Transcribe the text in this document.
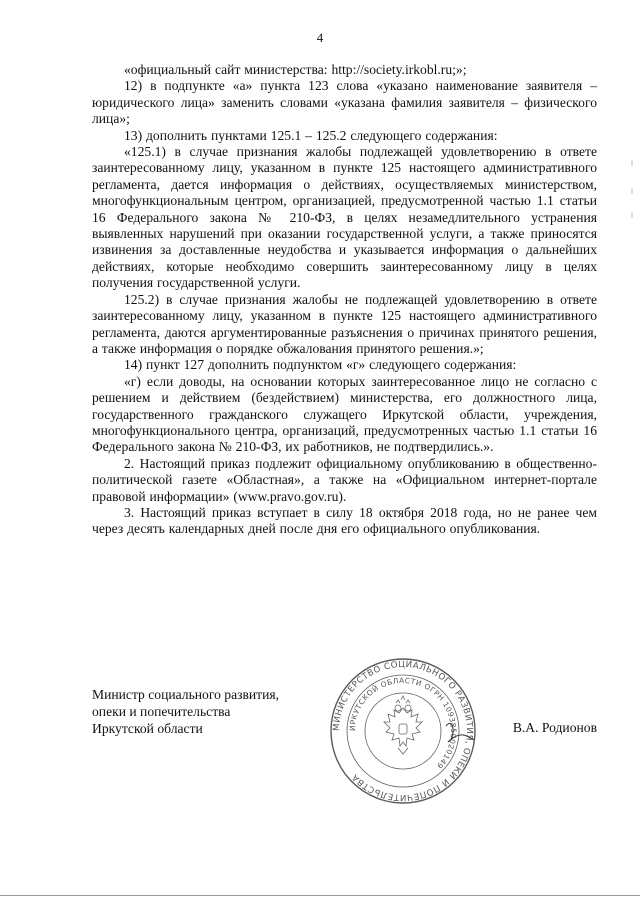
4

«официальный сайт министерства: http://society.irkobl.ru;»;

12) в подпункте «а» пункта 123 слова «указано наименование заявителя – юридического лица» заменить словами «указана фамилия заявителя – физического лица»;

13) дополнить пунктами 125.1 – 125.2 следующего содержания:

«125.1) в случае признания жалобы подлежащей удовлетворению в ответе заинтересованному лицу, указанном в пункте 125 настоящего административного регламента, дается информация о действиях, осуществляемых министерством, многофункциональным центром, организацией, предусмотренной частью 1.1 статьи 16 Федерального закона № 210-ФЗ, в целях незамедлительного устранения выявленных нарушений при оказании государственной услуги, а также приносятся извинения за доставленные неудобства и указывается информация о дальнейших действиях, которые необходимо совершить заинтересованному лицу в целях получения государственной услуги.

125.2) в случае признания жалобы не подлежащей удовлетворению в ответе заинтересованному лицу, указанном в пункте 125 настоящего административного регламента, даются аргументированные разъяснения о причинах принятого решения, а также информация о порядке обжалования принятого решения.»;

14) пункт 127 дополнить подпунктом «г» следующего содержания:

«г) если доводы, на основании которых заинтересованное лицо не согласно с решением и действием (бездействием) министерства, его должностного лица, государственного гражданского служащего Иркутской области, учреждения, многофункционального центра, организаций, предусмотренных частью 1.1 статьи 16 Федерального закона № 210-ФЗ, их работников, не подтвердились.».

2. Настоящий приказ подлежит официальному опубликованию в общественно-политической газете «Областная», а также на «Официальном интернет-портале правовой информации» (www.pravo.gov.ru).

3. Настоящий приказ вступает в силу 18 октября 2018 года, но не ранее чем через десять календарных дней после дня его официального опубликования.

Министр социального развития,
опеки и попечительства
Иркутской области	МИНИСТЕРСТВО СОЦИАЛЬНОГО РАЗВИТИЯ, ОПЕКИ И ПОПЕЧИТЕЛЬСТВА
ИРКУТСКОЙ ОБЛАСТИ ОГРН 1093850020149
В.А. Родионов
